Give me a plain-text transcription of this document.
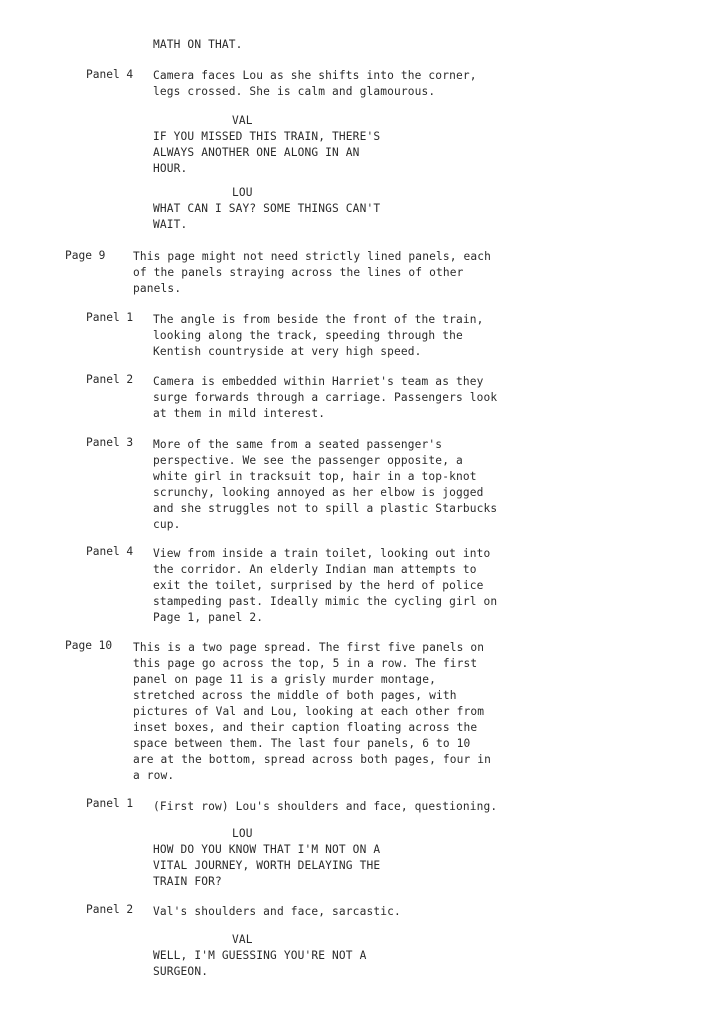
MATH ON THAT.
Panel 4 Camera faces Lou as she shifts into the corner,
legs crossed. She is calm and glamourous.
VAL
IF YOU MISSED THIS TRAIN, THERE'S
ALWAYS ANOTHER ONE ALONG IN AN
HOUR.
LOU
WHAT CAN I SAY? SOME THINGS CAN'T
WAIT.
Page 9 This page might not need strictly lined panels, each
of the panels straying across the lines of other
panels.
Panel 1 The angle is from beside the front of the train,
looking along the track, speeding through the
Kentish countryside at very high speed.
Panel 2 Camera is embedded within Harriet's team as they
surge forwards through a carriage. Passengers look
at them in mild interest.
Panel 3 More of the same from a seated passenger's
perspective. We see the passenger opposite, a
white girl in tracksuit top, hair in a top-knot
scrunchy, looking annoyed as her elbow is jogged
and she struggles not to spill a plastic Starbucks
cup.
Panel 4 View from inside a train toilet, looking out into
the corridor. An elderly Indian man attempts to
exit the toilet, surprised by the herd of police
stampeding past. Ideally mimic the cycling girl on
Page 1, panel 2.
Page 10 This is a two page spread. The first five panels on
this page go across the top, 5 in a row. The first
panel on page 11 is a grisly murder montage,
stretched across the middle of both pages, with
pictures of Val and Lou, looking at each other from
inset boxes, and their caption floating across the
space between them. The last four panels, 6 to 10
are at the bottom, spread across both pages, four in
a row.
Panel 1 (First row) Lou's shoulders and face, questioning.
LOU
HOW DO YOU KNOW THAT I'M NOT ON A
VITAL JOURNEY, WORTH DELAYING THE
TRAIN FOR?
Panel 2 Val's shoulders and face, sarcastic.
VAL
WELL, I'M GUESSING YOU'RE NOT A
SURGEON.
